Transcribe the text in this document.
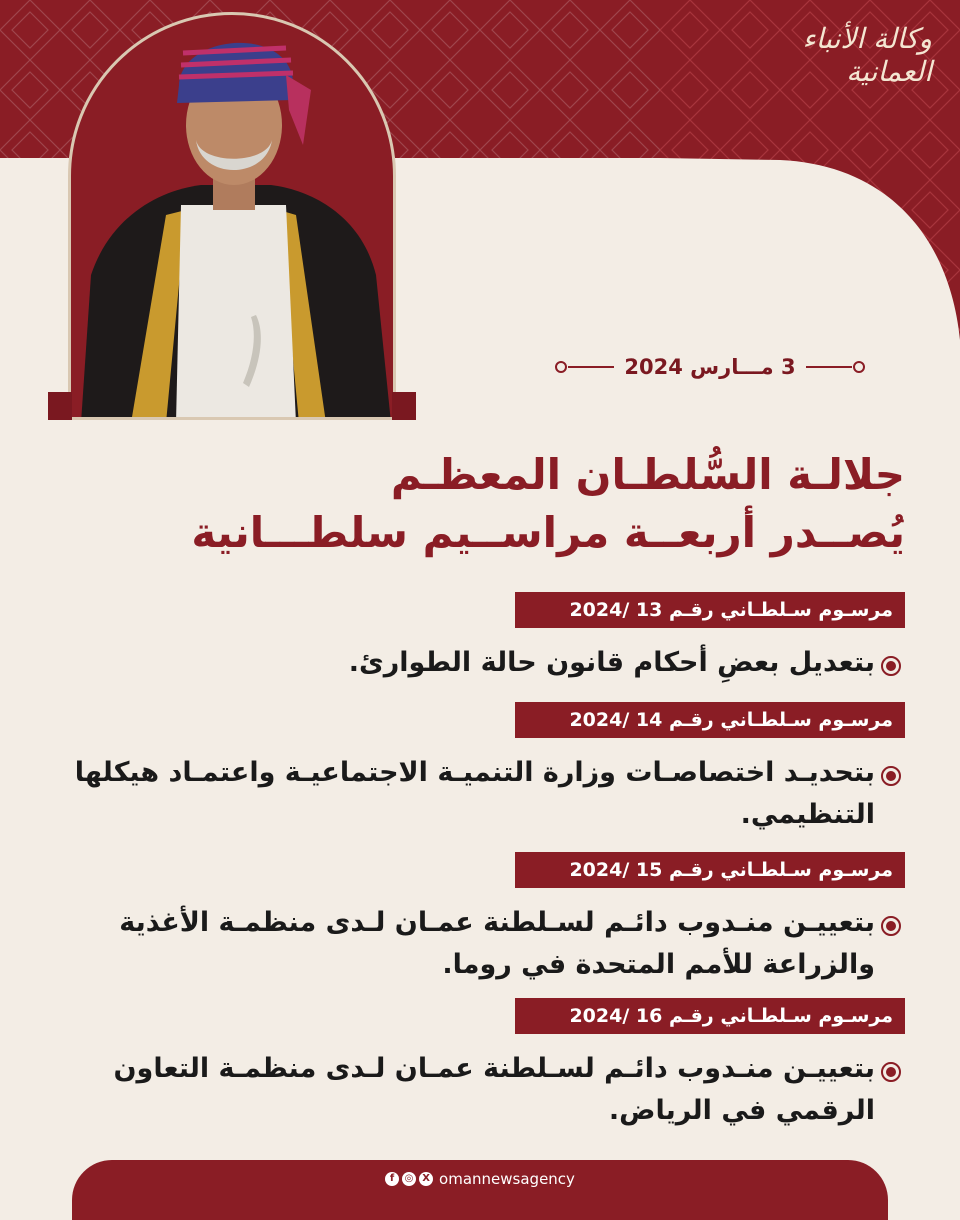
وكالة الأنباء العمانية
3 مـــارس 2024
جلالـة السُّلطـان المعظـم
يُصــدر أربعــة مراســيم سلطـــانية
مرسـوم سـلطـاني رقـم 13 /2024
بتعديل بعضِ أحكام قانون حالة الطوارئ.
مرسـوم سـلطـاني رقـم 14 /2024
بتحديـد اختصاصـات وزارة التنميـة الاجتماعيـة واعتمـاد هيكلها التنظيمي.
مرسـوم سـلطـاني رقـم 15 /2024
بتعييـن منـدوب دائـم لسـلطنة عمـان لـدى منظمـة الأغذية والزراعة للأمم المتحدة في روما.
مرسـوم سـلطـاني رقـم 16 /2024
بتعييـن منـدوب دائـم لسـلطنة عمـان لـدى منظمـة التعاون الرقمي في الرياض.
f	◎ X omannewsagency
